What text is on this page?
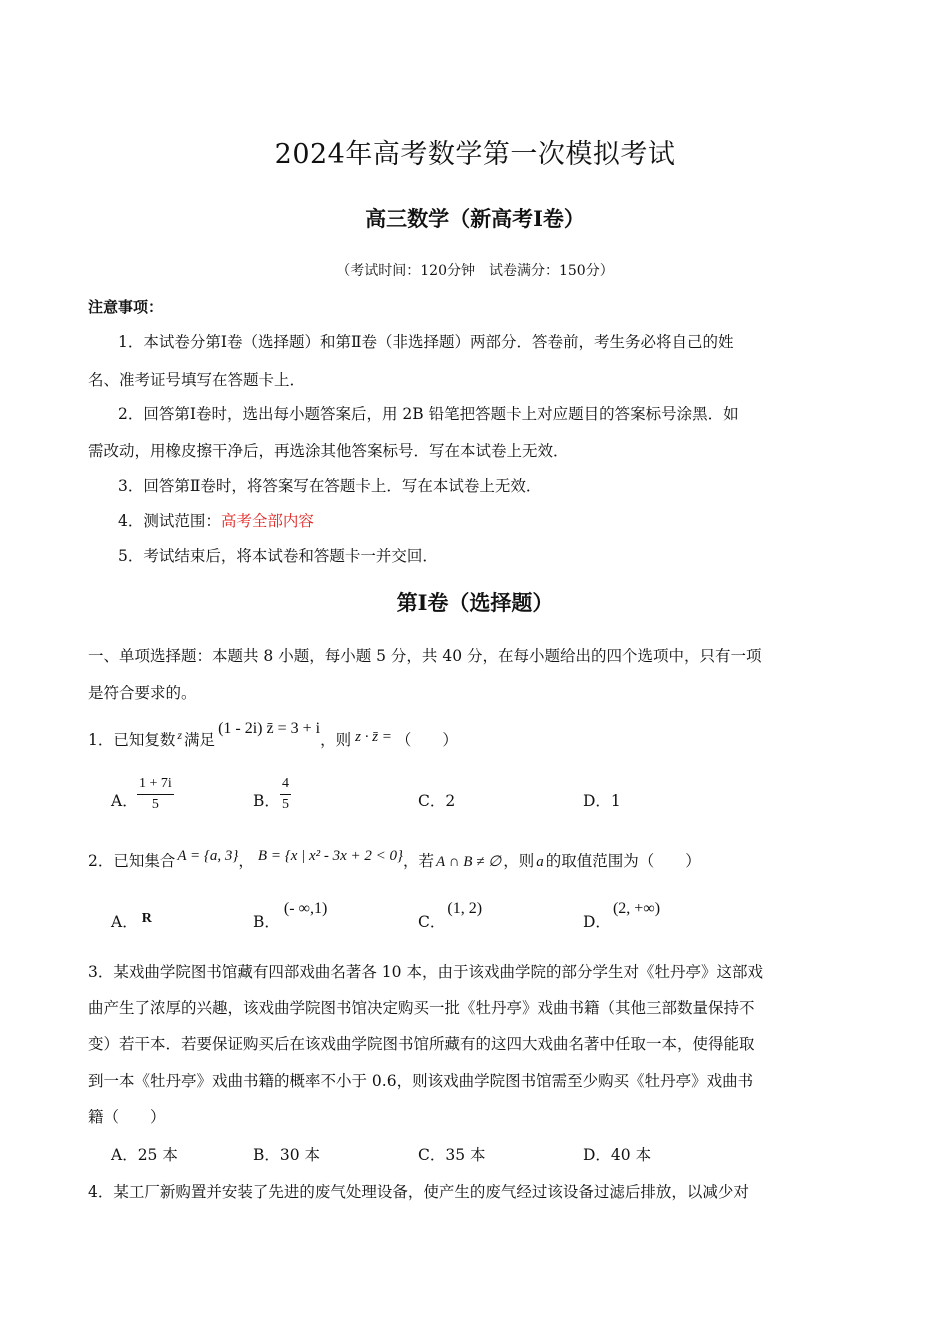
2024年高考数学第一次模拟考试
高三数学（新高考Ⅰ卷）
（考试时间：120分钟　试卷满分：150分）
注意事项：
1．本试卷分第Ⅰ卷（选择题）和第Ⅱ卷（非选择题）两部分．答卷前，考生务必将自己的姓
名、准考证号填写在答题卡上．
2．回答第Ⅰ卷时，选出每小题答案后，用 2B 铅笔把答题卡上对应题目的答案标号涂黑．如
需改动，用橡皮擦干净后，再选涂其他答案标号．写在本试卷上无效．
3．回答第Ⅱ卷时，将答案写在答题卡上．写在本试卷上无效．
4．测试范围：高考全部内容
5．考试结束后，将本试卷和答题卡一并交回．
第Ⅰ卷（选择题）
一、单项选择题：本题共 8 小题，每小题 5 分，共 40 分，在每小题给出的四个选项中，只有一项
是符合要求的。
1．已知复数 $^z$ 满足(1 - 2i) z̄ = 3 + i，则 z · z̄ = （　　）
A． $\frac{1 + 7i}{5}$	B． $\frac{4}{5}$	C．2	D．1
2．已知集合 A = {a, 3}， B = {x | x² - 3x + 2 < 0}，若 A ∩ B ≠ ∅ ，则 a 的取值范围为（　　）
A． R	B．(- ∞,1)
C．(1, 2)
D．(2, +∞)
3．某戏曲学院图书馆藏有四部戏曲名著各 10 本，由于该戏曲学院的部分学生对《牡丹亭》这部戏
曲产生了浓厚的兴趣，该戏曲学院图书馆决定购买一批《牡丹亭》戏曲书籍（其他三部数量保持不
变）若干本．若要保证购买后在该戏曲学院图书馆所藏有的这四大戏曲名著中任取一本，使得能取
到一本《牡丹亭》戏曲书籍的概率不小于 0.6，则该戏曲学院图书馆需至少购买《牡丹亭》戏曲书
籍（　　）
A．25 本	B．30 本	C．35 本	D．40 本
4．某工厂新购置并安装了先进的废气处理设备，使产生的废气经过该设备过滤后排放，以减少对
